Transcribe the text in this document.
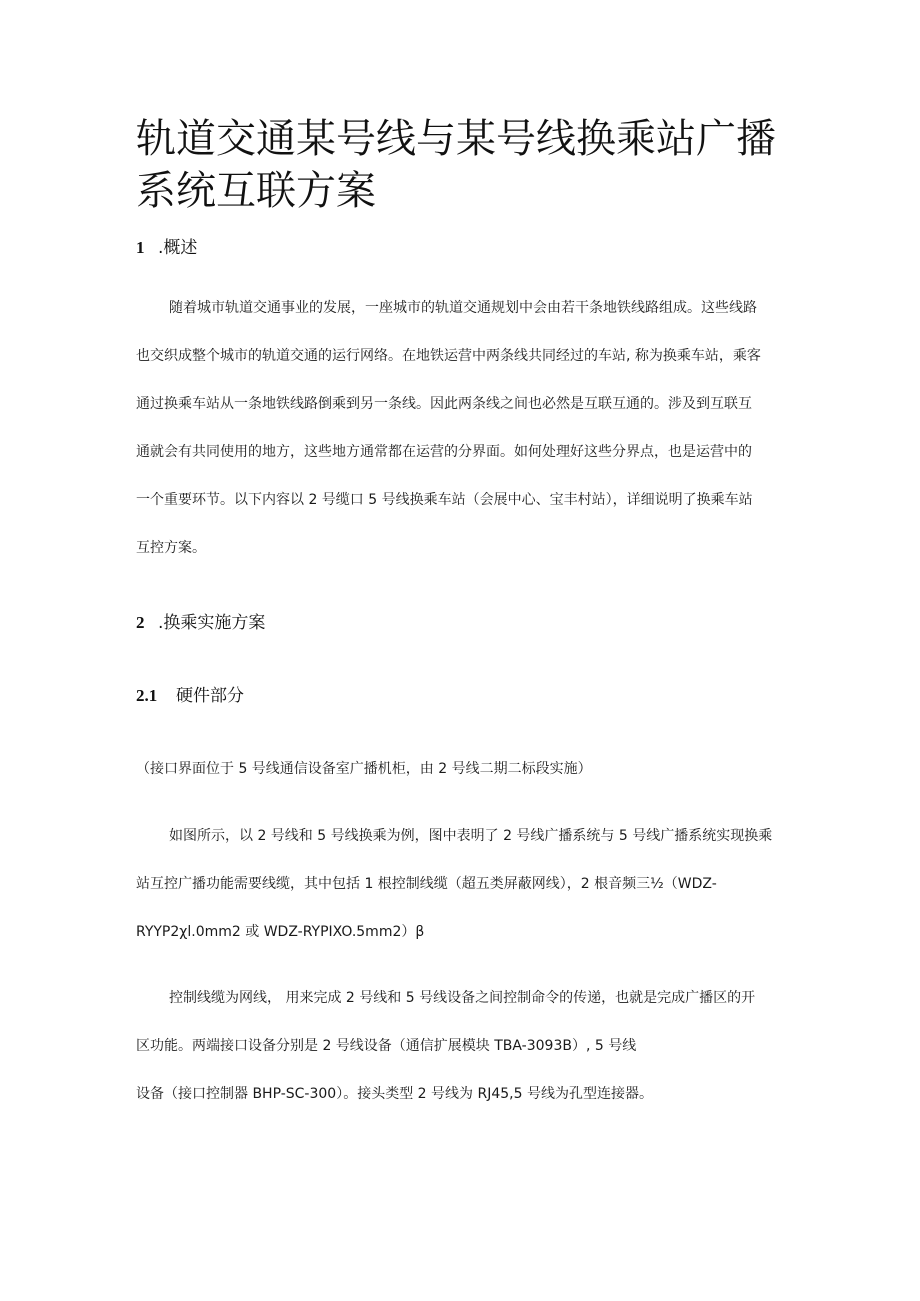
轨道交通某号线与某号线换乘站广播系统互联方案
1 .概述

随着城市轨道交通事业的发展，一座城市的轨道交通规划中会由若干条地铁线路组成。这些线路

也交织成整个城市的轨道交通的运行网络。在地铁运营中两条线共同经过的车站, 称为换乘车站，乘客

通过换乘车站从一条地铁线路倒乘到另一条线。因此两条线之间也必然是互联互通的。涉及到互联互

通就会有共同使用的地方，这些地方通常都在运营的分界面。如何处理好这些分界点，也是运营中的

一个重要环节。以下内容以 2 号缆口 5 号线换乘车站（会展中心、宝丰村站），详细说明了换乘车站

互控方案。

2 .换乘实施方案
2.1 硬件部分

（接口界面位于 5 号线通信设备室广播机柜，由 2 号线二期二标段实施）

如图所示，以 2 号线和 5 号线换乘为例，图中表明了 2 号线广播系统与 5 号线广播系统实现换乘

站互控广播功能需要线缆，其中包括 1 根控制线缆（超五类屏蔽网线），2 根音频三½（WDZ-

RYYP2χl.0mm2 或 WDZ-RYPIXO.5mm2）β

控制线缆为网线， 用来完成 2 号线和 5 号线设备之间控制命令的传递，也就是完成广播区的开

区功能。两端接口设备分别是 2 号线设备（通信扩展模块 TBA-3093B）, 5 号线

设备（接口控制器 BHP-SC-300）。接头类型 2 号线为 RJ45,5 号线为孔型连接器。
